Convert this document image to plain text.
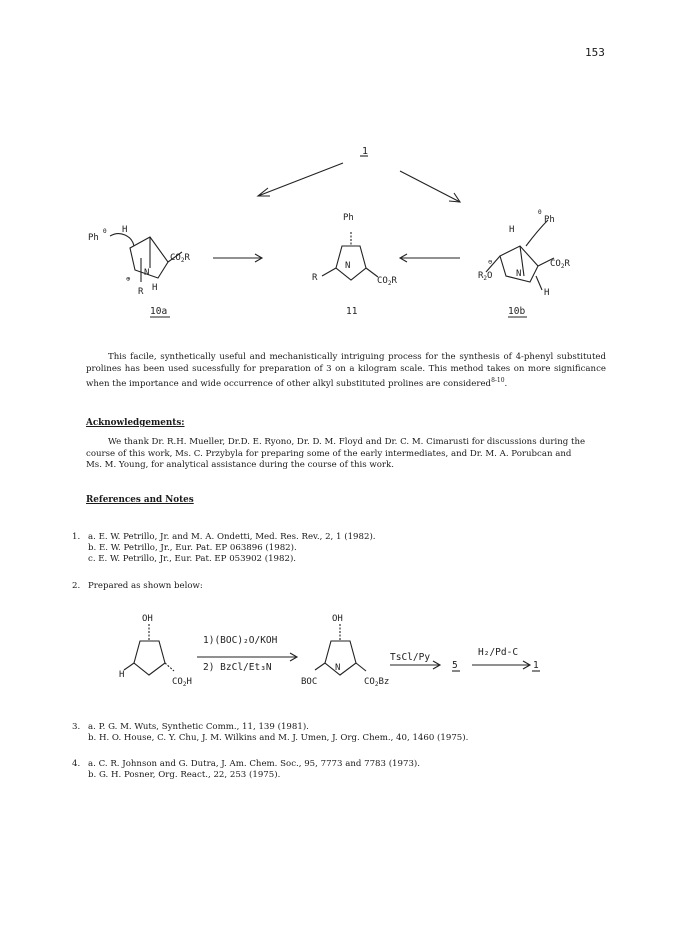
153
1
Ph
Θ H
$CO_2R$
N
H
R
⊕
Ph
N
R	$CO_2R$
Ph
Θ
H
$CO_2R$
$R_2O$	N
H
⊖
10a	11	10b
This facile, synthetically useful and mechanistically intriguing process for the synthesis of 4-phenyl substituted prolines has been used sucessfully for preparation of 3 on a kilogram scale. This method takes on more significance when the importance and wide occurrence of other alkyl substituted prolines are considered$^{8-10}$.
Acknowledgements:
We thank Dr. R.H. Mueller, Dr.D. E. Ryono, Dr. D. M. Floyd and Dr. C. M. Cimarusti for discussions during the course of this work, Ms. C. Przybyla for preparing some of the early intermediates, and Dr. M. A. Porubcan and Ms. M. Young, for analytical assistance during the course of this work.
References and Notes
1. a. E. W. Petrillo, Jr. and M. A. Ondetti, Med. Res. Rev., 2, 1 (1982).
b. E. W. Petrillo, Jr., Eur. Pat. EP 063896 (1982).
c. E. W. Petrillo, Jr., Eur. Pat. EP 053902 (1982).
2. Prepared as shown below:
OH
H
$CO_2H$
OH
N
BOC	$CO_2Bz$
1)(BOC)₂O/KOH
2) BzCl/Et₃N
TsCl/Py
5
H₂/Pd-C
1
3. a. P. G. M. Wuts, Synthetic Comm., 11, 139 (1981).
b. H. O. House, C. Y. Chu, J. M. Wilkins and M. J. Umen, J. Org. Chem., 40, 1460 (1975).
4. a. C. R. Johnson and G. Dutra, J. Am. Chem. Soc., 95, 7773 and 7783 (1973).
b. G. H. Posner, Org. React., 22, 253 (1975).
